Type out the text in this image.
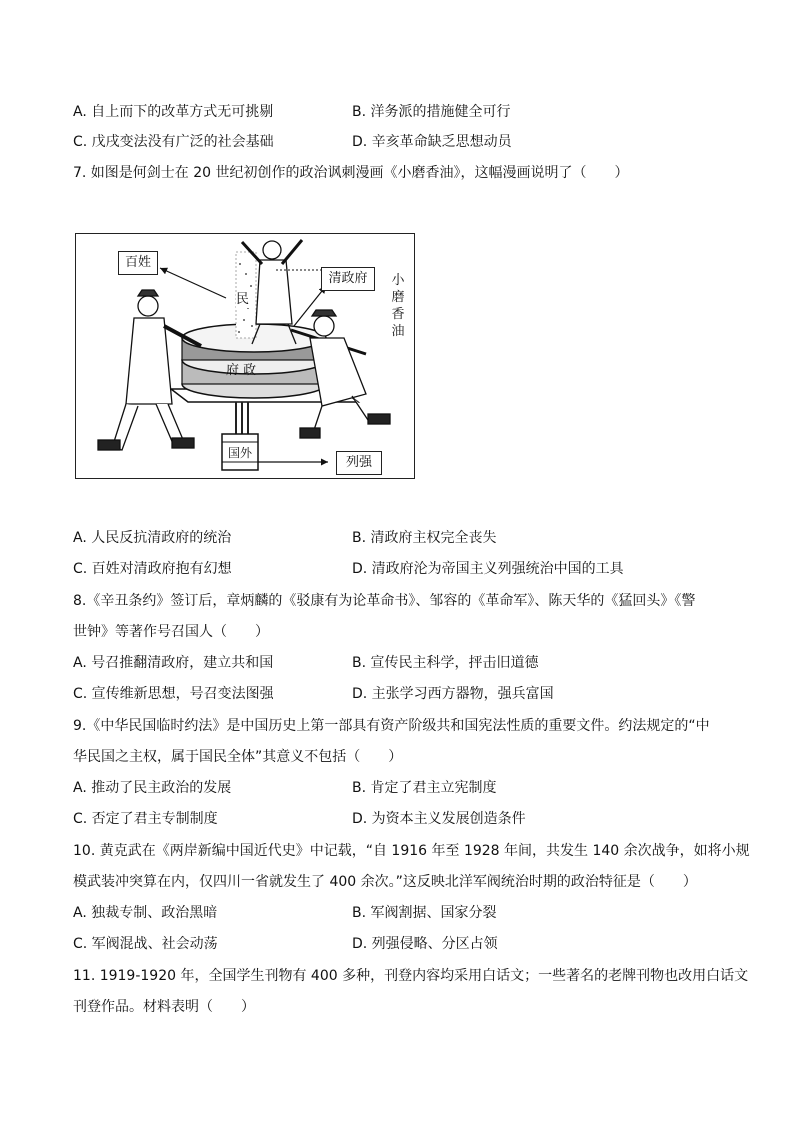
A. 自上而下的改革方式无可挑剔	B. 洋务派的措施健全可行
C. 戊戌变法没有广泛的社会基础	D. 辛亥革命缺乏思想动员
7. 如图是何剑士在 20 世纪初创作的政治讽刺漫画《小磨香油》，这幅漫画说明了（　　）
百姓
清政府
列强
小磨香油
民
府 政
国外
A. 人民反抗清政府的统治	B. 清政府主权完全丧失
C. 百姓对清政府抱有幻想	D. 清政府沦为帝国主义列强统治中国的工具
8.《辛丑条约》签订后，章炳麟的《驳康有为论革命书》、邹容的《革命军》、陈天华的《猛回头》《警
世钟》等著作号召国人（　　）
A. 号召推翻清政府，建立共和国	B. 宣传民主科学，抨击旧道德
C. 宣传维新思想，号召变法图强	D. 主张学习西方器物，强兵富国
9.《中华民国临时约法》是中国历史上第一部具有资产阶级共和国宪法性质的重要文件。约法规定的“中
华民国之主权，属于国民全体”其意义不包括（　　）
A. 推动了民主政治的发展	B. 肯定了君主立宪制度
C. 否定了君主专制制度	D. 为资本主义发展创造条件
10. 黄克武在《两岸新编中国近代史》中记载，“自 1916 年至 1928 年间，共发生 140 余次战争，如将小规
模武装冲突算在内，仅四川一省就发生了 400 余次。”这反映北洋军阀统治时期的政治特征是（　　）
A. 独裁专制、政治黑暗	B. 军阀割据、国家分裂
C. 军阀混战、社会动荡	D. 列强侵略、分区占领
11. 1919-1920 年，全国学生刊物有 400 多种，刊登内容均采用白话文；一些著名的老牌刊物也改用白话文
刊登作品。材料表明（　　）
